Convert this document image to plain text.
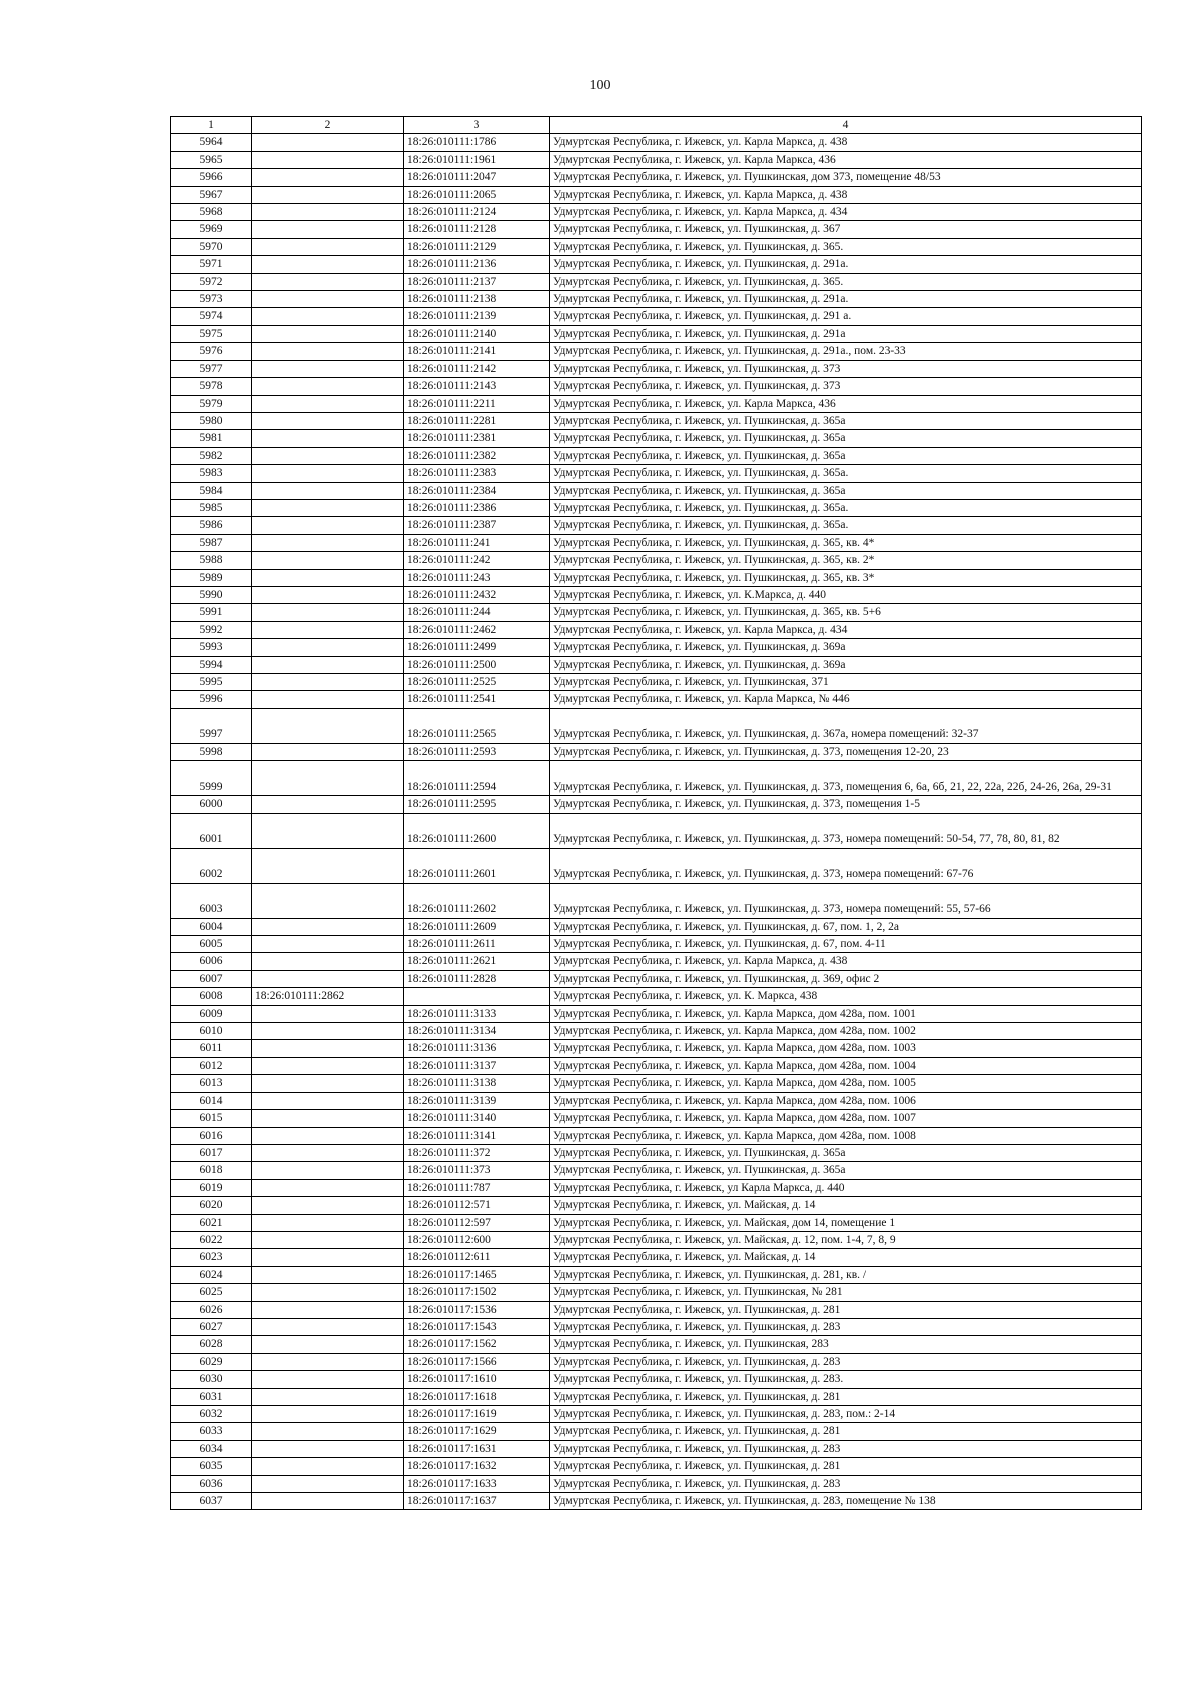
100
1	2	3	4
5964		18:26:010111:1786	Удмуртская Республика, г. Ижевск, ул. Карла Маркса, д. 438
5965		18:26:010111:1961	Удмуртская Республика, г. Ижевск, ул. Карла Маркса, 436
5966		18:26:010111:2047	Удмуртская Республика, г. Ижевск, ул. Пушкинская, дом 373, помещение 48/53
5967		18:26:010111:2065	Удмуртская Республика, г. Ижевск, ул. Карла Маркса, д. 438
5968		18:26:010111:2124	Удмуртская Республика, г. Ижевск, ул. Карла Маркса, д. 434
5969		18:26:010111:2128	Удмуртская Республика, г. Ижевск, ул. Пушкинская, д. 367
5970		18:26:010111:2129	Удмуртская Республика, г. Ижевск, ул. Пушкинская, д. 365.
5971		18:26:010111:2136	Удмуртская Республика, г. Ижевск, ул. Пушкинская, д. 291а.
5972		18:26:010111:2137	Удмуртская Республика, г. Ижевск, ул. Пушкинская, д. 365.
5973		18:26:010111:2138	Удмуртская Республика, г. Ижевск, ул. Пушкинская, д. 291а.
5974		18:26:010111:2139	Удмуртская Республика, г. Ижевск, ул. Пушкинская, д. 291 а.
5975		18:26:010111:2140	Удмуртская Республика, г. Ижевск, ул. Пушкинская, д. 291а
5976		18:26:010111:2141	Удмуртская Республика, г. Ижевск, ул. Пушкинская, д. 291а., пом. 23-33
5977		18:26:010111:2142	Удмуртская Республика, г. Ижевск, ул. Пушкинская, д. 373
5978		18:26:010111:2143	Удмуртская Республика, г. Ижевск, ул. Пушкинская, д. 373
5979		18:26:010111:2211	Удмуртская Республика, г. Ижевск, ул. Карла Маркса, 436
5980		18:26:010111:2281	Удмуртская Республика, г. Ижевск, ул. Пушкинская, д. 365а
5981		18:26:010111:2381	Удмуртская Республика, г. Ижевск, ул. Пушкинская, д. 365а
5982		18:26:010111:2382	Удмуртская Республика, г. Ижевск, ул. Пушкинская, д. 365а
5983		18:26:010111:2383	Удмуртская Республика, г. Ижевск, ул. Пушкинская, д. 365а.
5984		18:26:010111:2384	Удмуртская Республика, г. Ижевск, ул. Пушкинская, д. 365а
5985		18:26:010111:2386	Удмуртская Республика, г. Ижевск, ул. Пушкинская, д. 365а.
5986		18:26:010111:2387	Удмуртская Республика, г. Ижевск, ул. Пушкинская, д. 365а.
5987		18:26:010111:241	Удмуртская Республика, г. Ижевск, ул. Пушкинская, д. 365, кв. 4*
5988		18:26:010111:242	Удмуртская Республика, г. Ижевск, ул. Пушкинская, д. 365, кв. 2*
5989		18:26:010111:243	Удмуртская Республика, г. Ижевск, ул. Пушкинская, д. 365, кв. 3*
5990		18:26:010111:2432	Удмуртская Республика, г. Ижевск, ул. К.Маркса, д. 440
5991		18:26:010111:244	Удмуртская Республика, г. Ижевск, ул. Пушкинская, д. 365, кв. 5+6
5992		18:26:010111:2462	Удмуртская Республика, г. Ижевск, ул. Карла Маркса, д. 434
5993		18:26:010111:2499	Удмуртская Республика, г. Ижевск, ул. Пушкинская, д. 369а
5994		18:26:010111:2500	Удмуртская Республика, г. Ижевск, ул. Пушкинская, д. 369а
5995		18:26:010111:2525	Удмуртская Республика, г. Ижевск, ул. Пушкинская, 371
5996		18:26:010111:2541	Удмуртская Республика, г. Ижевск, ул. Карла Маркса, № 446
5997		18:26:010111:2565	Удмуртская Республика, г. Ижевск, ул. Пушкинская, д. 367а, номера помещений: 32-37
5998		18:26:010111:2593	Удмуртская Республика, г. Ижевск, ул. Пушкинская, д. 373, помещения 12-20, 23
5999		18:26:010111:2594	Удмуртская Республика, г. Ижевск, ул. Пушкинская, д. 373, помещения 6, 6а, 6б, 21, 22, 22а, 22б, 24-26, 26а, 29-31
6000		18:26:010111:2595	Удмуртская Республика, г. Ижевск, ул. Пушкинская, д. 373, помещения 1-5
6001		18:26:010111:2600	Удмуртская Республика, г. Ижевск, ул. Пушкинская, д. 373, номера помещений: 50-54, 77, 78, 80, 81, 82
6002		18:26:010111:2601	Удмуртская Республика, г. Ижевск, ул. Пушкинская, д. 373, номера помещений: 67-76
6003		18:26:010111:2602	Удмуртская Республика, г. Ижевск, ул. Пушкинская, д. 373, номера помещений: 55, 57-66
6004		18:26:010111:2609	Удмуртская Республика, г. Ижевск, ул. Пушкинская, д. 67, пом. 1, 2, 2а
6005		18:26:010111:2611	Удмуртская Республика, г. Ижевск, ул. Пушкинская, д. 67, пом. 4-11
6006		18:26:010111:2621	Удмуртская Республика, г. Ижевск, ул. Карла Маркса, д. 438
6007		18:26:010111:2828	Удмуртская Республика, г. Ижевск, ул. Пушкинская, д. 369, офис 2
6008	18:26:010111:2862		Удмуртская Республика, г. Ижевск, ул. К. Маркса, 438
6009		18:26:010111:3133	Удмуртская Республика, г. Ижевск, ул. Карла Маркса, дом 428а, пом. 1001
6010		18:26:010111:3134	Удмуртская Республика, г. Ижевск, ул. Карла Маркса, дом 428а, пом. 1002
6011		18:26:010111:3136	Удмуртская Республика, г. Ижевск, ул. Карла Маркса, дом 428а, пом. 1003
6012		18:26:010111:3137	Удмуртская Республика, г. Ижевск, ул. Карла Маркса, дом 428а, пом. 1004
6013		18:26:010111:3138	Удмуртская Республика, г. Ижевск, ул. Карла Маркса, дом 428а, пом. 1005
6014		18:26:010111:3139	Удмуртская Республика, г. Ижевск, ул. Карла Маркса, дом 428а, пом. 1006
6015		18:26:010111:3140	Удмуртская Республика, г. Ижевск, ул. Карла Маркса, дом 428а, пом. 1007
6016		18:26:010111:3141	Удмуртская Республика, г. Ижевск, ул. Карла Маркса, дом 428а, пом. 1008
6017		18:26:010111:372	Удмуртская Республика, г. Ижевск, ул. Пушкинская, д. 365а
6018		18:26:010111:373	Удмуртская Республика, г. Ижевск, ул. Пушкинская, д. 365а
6019		18:26:010111:787	Удмуртская Республика, г. Ижевск, ул Карла Маркса, д. 440
6020		18:26:010112:571	Удмуртская Республика, г. Ижевск, ул. Майская, д. 14
6021		18:26:010112:597	Удмуртская Республика, г. Ижевск, ул. Майская, дом 14, помещение 1
6022		18:26:010112:600	Удмуртская Республика, г. Ижевск, ул. Майская, д. 12, пом. 1-4, 7, 8, 9
6023		18:26:010112:611	Удмуртская Республика, г. Ижевск, ул. Майская, д. 14
6024		18:26:010117:1465	Удмуртская Республика, г. Ижевск, ул. Пушкинская, д. 281, кв. /
6025		18:26:010117:1502	Удмуртская Республика, г. Ижевск, ул. Пушкинская, № 281
6026		18:26:010117:1536	Удмуртская Республика, г. Ижевск, ул. Пушкинская, д. 281
6027		18:26:010117:1543	Удмуртская Республика, г. Ижевск, ул. Пушкинская, д. 283
6028		18:26:010117:1562	Удмуртская Республика, г. Ижевск, ул. Пушкинская, 283
6029		18:26:010117:1566	Удмуртская Республика, г. Ижевск, ул. Пушкинская, д. 283
6030		18:26:010117:1610	Удмуртская Республика, г. Ижевск, ул. Пушкинская, д. 283.
6031		18:26:010117:1618	Удмуртская Республика, г. Ижевск, ул. Пушкинская, д. 281
6032		18:26:010117:1619	Удмуртская Республика, г. Ижевск, ул. Пушкинская, д. 283, пом.: 2-14
6033		18:26:010117:1629	Удмуртская Республика, г. Ижевск, ул. Пушкинская, д. 281
6034		18:26:010117:1631	Удмуртская Республика, г. Ижевск, ул. Пушкинская, д. 283
6035		18:26:010117:1632	Удмуртская Республика, г. Ижевск, ул. Пушкинская, д. 281
6036		18:26:010117:1633	Удмуртская Республика, г. Ижевск, ул. Пушкинская, д. 283
6037		18:26:010117:1637	Удмуртская Республика, г. Ижевск, ул. Пушкинская, д. 283, помещение № 138
